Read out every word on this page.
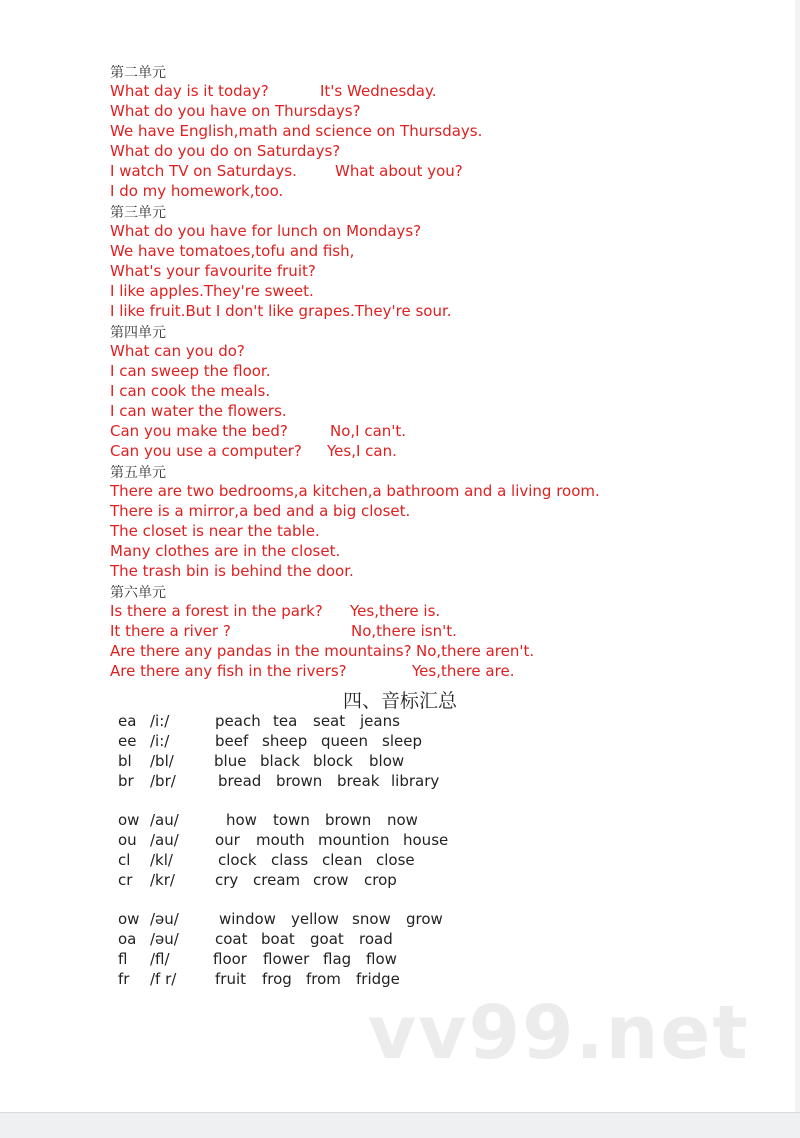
第二单元
What day is it today?	It's Wednesday.
What do you have on Thursdays?
We have English,math and science on Thursdays.
What do you do on Saturdays?
I watch TV on Saturdays.	What about you?
I do my homework,too.
第三单元
What do you have for lunch on Mondays?
We have tomatoes,tofu and fish,
What's your favourite fruit?
I like apples.They're sweet.
I like fruit.But I don't like grapes.They're sour.
第四单元
What can you do?
I can sweep the floor.
I can cook the meals.
I can water the flowers.
Can you make the bed?	No,I can't.
Can you use a computer? Yes,I can.
第五单元
There are two bedrooms,a kitchen,a bathroom and a living room.
There is a mirror,a bed and a big closet.
The closet is near the table.
Many clothes are in the closet.
The trash bin is behind the door.
第六单元
Is there a forest in the park? Yes,there is.
It there a river ?	No,there isn't.
Are there any pandas in the mountains? No,there aren't.
Are there any fish in the rivers?	Yes,there are.
ea /i:/	peach tea seat jeans
ee /i:/	beef sheep queen sleep
bl /bl/	blue black block blow
br /br/	bread brown break library
ow /au/	how town brown now
ou /au/ our mouth mountion house
cl /kl/	clock class clean close
cr /kr/	cry cream crow crop
ow /əu/	window yellow snow grow
oa /əu/ coat boat goat road
fl /fl/	floor flower flag flow
fr /f r/	fruit frog from fridge
四、音标汇总
vv99.net
